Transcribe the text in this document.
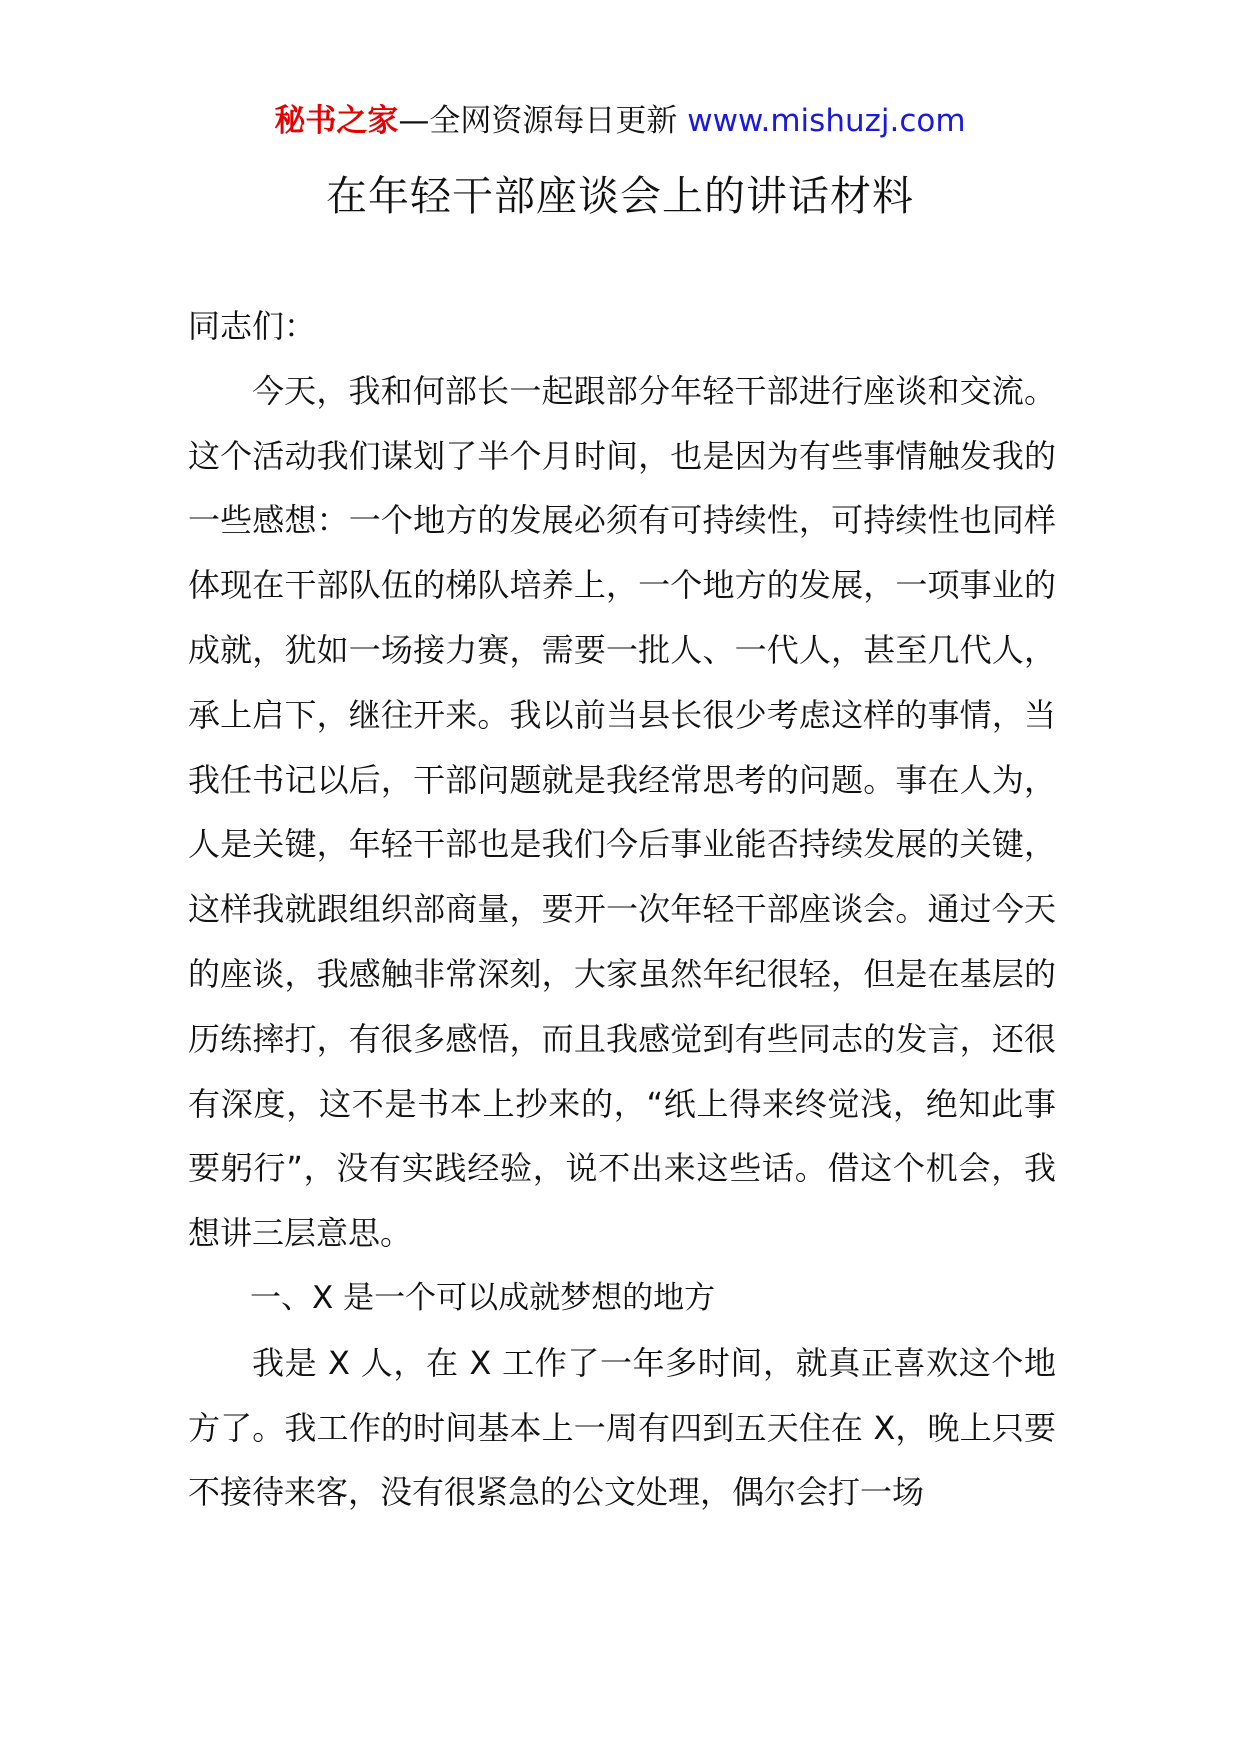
秘书之家—全网资源每日更新 www.mishuzj.com
在年轻干部座谈会上的讲话材料

同志们：

今天，我和何部长一起跟部分年轻干部进行座谈和交流。这个活动我们谋划了半个月时间，也是因为有些事情触发我的一些感想：一个地方的发展必须有可持续性，可持续性也同样体现在干部队伍的梯队培养上，一个地方的发展，一项事业的成就，犹如一场接力赛，需要一批人、一代人，甚至几代人，承上启下，继往开来。我以前当县长很少考虑这样的事情，当我任书记以后，干部问题就是我经常思考的问题。事在人为，人是关键，年轻干部也是我们今后事业能否持续发展的关键，这样我就跟组织部商量，要开一次年轻干部座谈会。通过今天的座谈，我感触非常深刻，大家虽然年纪很轻，但是在基层的历练摔打，有很多感悟，而且我感觉到有些同志的发言，还很有深度，这不是书本上抄来的，“纸上得来终觉浅，绝知此事要躬行”，没有实践经验，说不出来这些话。借这个机会，我想讲三层意思。

一、X 是一个可以成就梦想的地方

我是 X 人，在 X 工作了一年多时间，就真正喜欢这个地方了。我工作的时间基本上一周有四到五天住在 X，晚上只要不接待来客，没有很紧急的公文处理，偶尔会打一场
